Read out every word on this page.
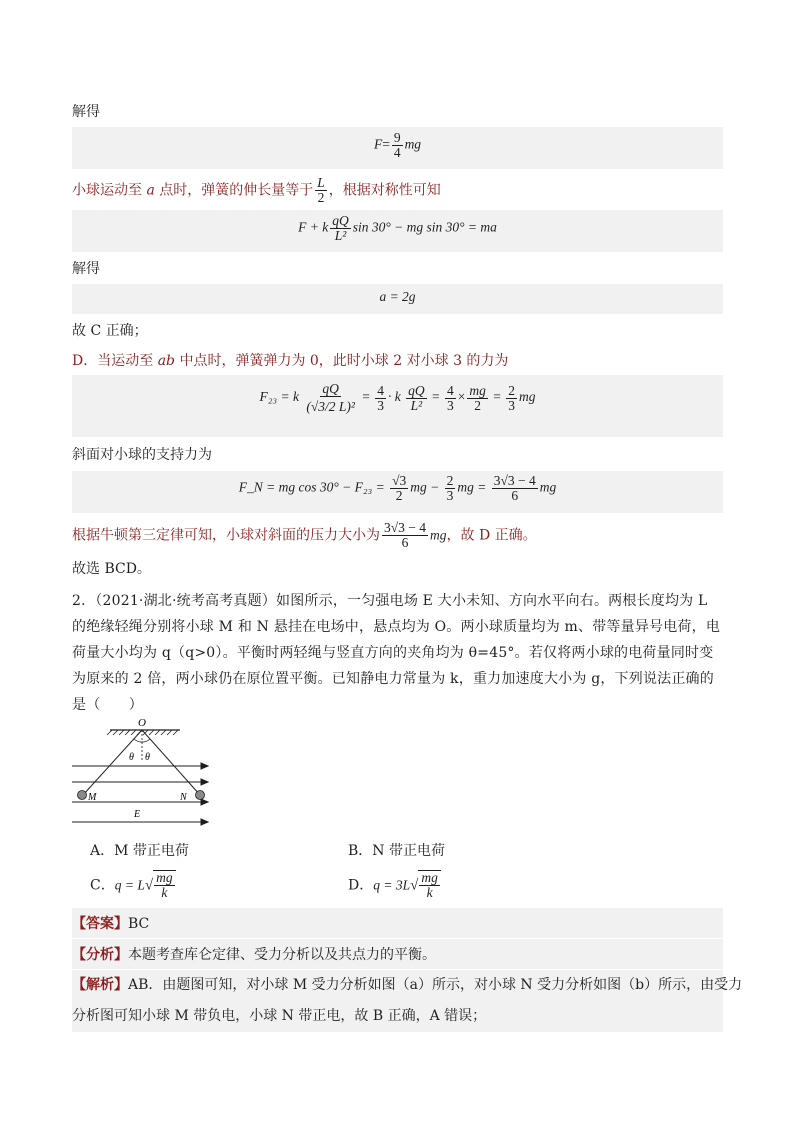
解得
$F= \frac{9}{4}$ mg
小球运动至 a 点时，弹簧的伸长量等于 $\frac{L}{2}$ ，根据对称性可知
F + k $\frac{qQ}{\text{L²}}$ sin 30° − mg sin 30° = ma
解得
a = 2g
故 C 正确；
D．当运动至 ab 中点时，弹簧弹力为 0，此时小球 2 对小球 3 的力为
F₂₃ = k $\frac{qQ}{\text{(√3/2 L)²}} = \frac{4}{3} \cdot k \frac{qQ}{\text{L²}} = \frac{4}{3} \times \frac{mg}{2} = \frac{2}{3}$ mg
斜面对小球的支持力为
F_N = mg $\cos 30^\circ - F_{23} = \frac{√3}{2}$ mg − $\frac{2}{3}$ mg = $\frac{3√3 - 4}{6}$ mg
根据牛顿第三定律可知，小球对斜面的压力大小为 $\frac{3√3 - 4}{6}$ mg，故 D 正确。
故选 BCD。
2．（2021·湖北·统考高考真题）如图所示，一匀强电场 E 大小未知、方向水平向右。两根长度均为 L 的绝缘轻绳分别将小球 M 和 N 悬挂在电场中，悬点均为 O。两小球质量均为 m、带等量异号电荷，电荷量大小均为 q（q>0）。平衡时两轻绳与竖直方向的夹角均为 θ=45°。若仅将两小球的电荷量同时变为原来的 2 倍，两小球仍在原位置平衡。已知静电力常量为 k，重力加速度大小为 g，下列说法正确的是（　　）
O
θ θ
M	N
E
A．M 带正电荷	B．N 带正电荷
C．$q = L√ \frac{mg}{k}$	D．$q = 3L√ \frac{mg}{k}$
【答案】BC
【分析】本题考查库仑定律、受力分析以及共点力的平衡。
【解析】AB．由题图可知，对小球 M 受力分析如图（a）所示，对小球 N 受力分析如图（b）所示，由受力
分析图可知小球 M 带负电，小球 N 带正电，故 B 正确，A 错误；
